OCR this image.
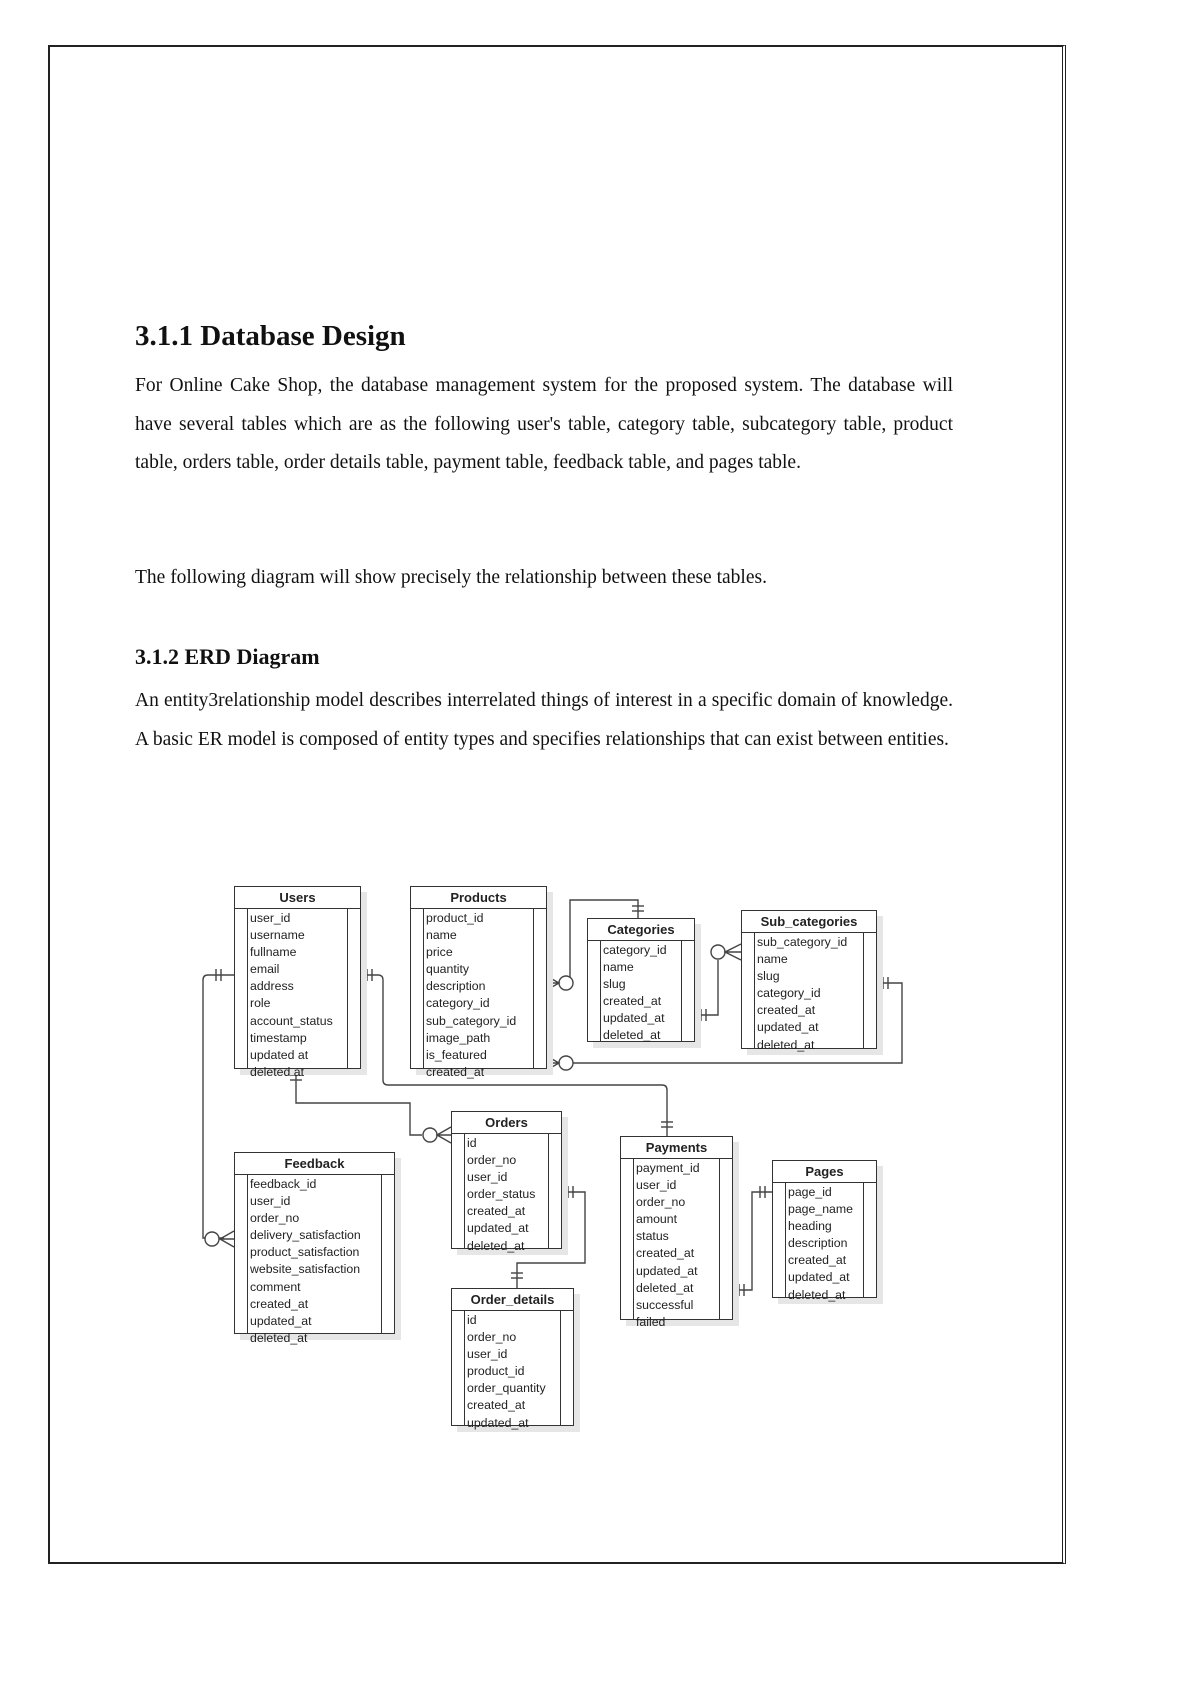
3.1.1 Database Design

For Online Cake Shop, the database management system for the proposed system. The database will have several tables which are as the following user's table, category table, subcategory table, product table, orders table, order details table, payment table, feedback table, and pages table.

The following diagram will show precisely the relationship between these tables.

3.1.2 ERD Diagram

An entity3relationship model describes interrelated things of interest in a specific domain of knowledge. A basic ER model is composed of entity types and specifies relationships that can exist between entities.

Users
user_id
username
fullname
email
address
role
account_status
timestamp
updated at
deleted at
Products
product_id
name
price
quantity
description
category_id
sub_category_id
image_path
is_featured
created_at
Categories
category_id
name
slug
created_at
updated_at
deleted_at
Sub_categories
sub_category_id
name
slug
category_id
created_at
updated_at
deleted_at
Orders
id
order_no
user_id
order_status
created_at
updated_at
deleted_at
Feedback
feedback_id
user_id
order_no
delivery_satisfaction
product_satisfaction
website_satisfaction
comment
created_at
updated_at
deleted_at
Order_details
id
order_no
user_id
product_id
order_quantity
created_at
updated_at
Payments
payment_id
user_id
order_no
amount
status
created_at
updated_at
deleted_at
successful
failed
Pages
page_id
page_name
heading
description
created_at
updated_at
deleted_at
